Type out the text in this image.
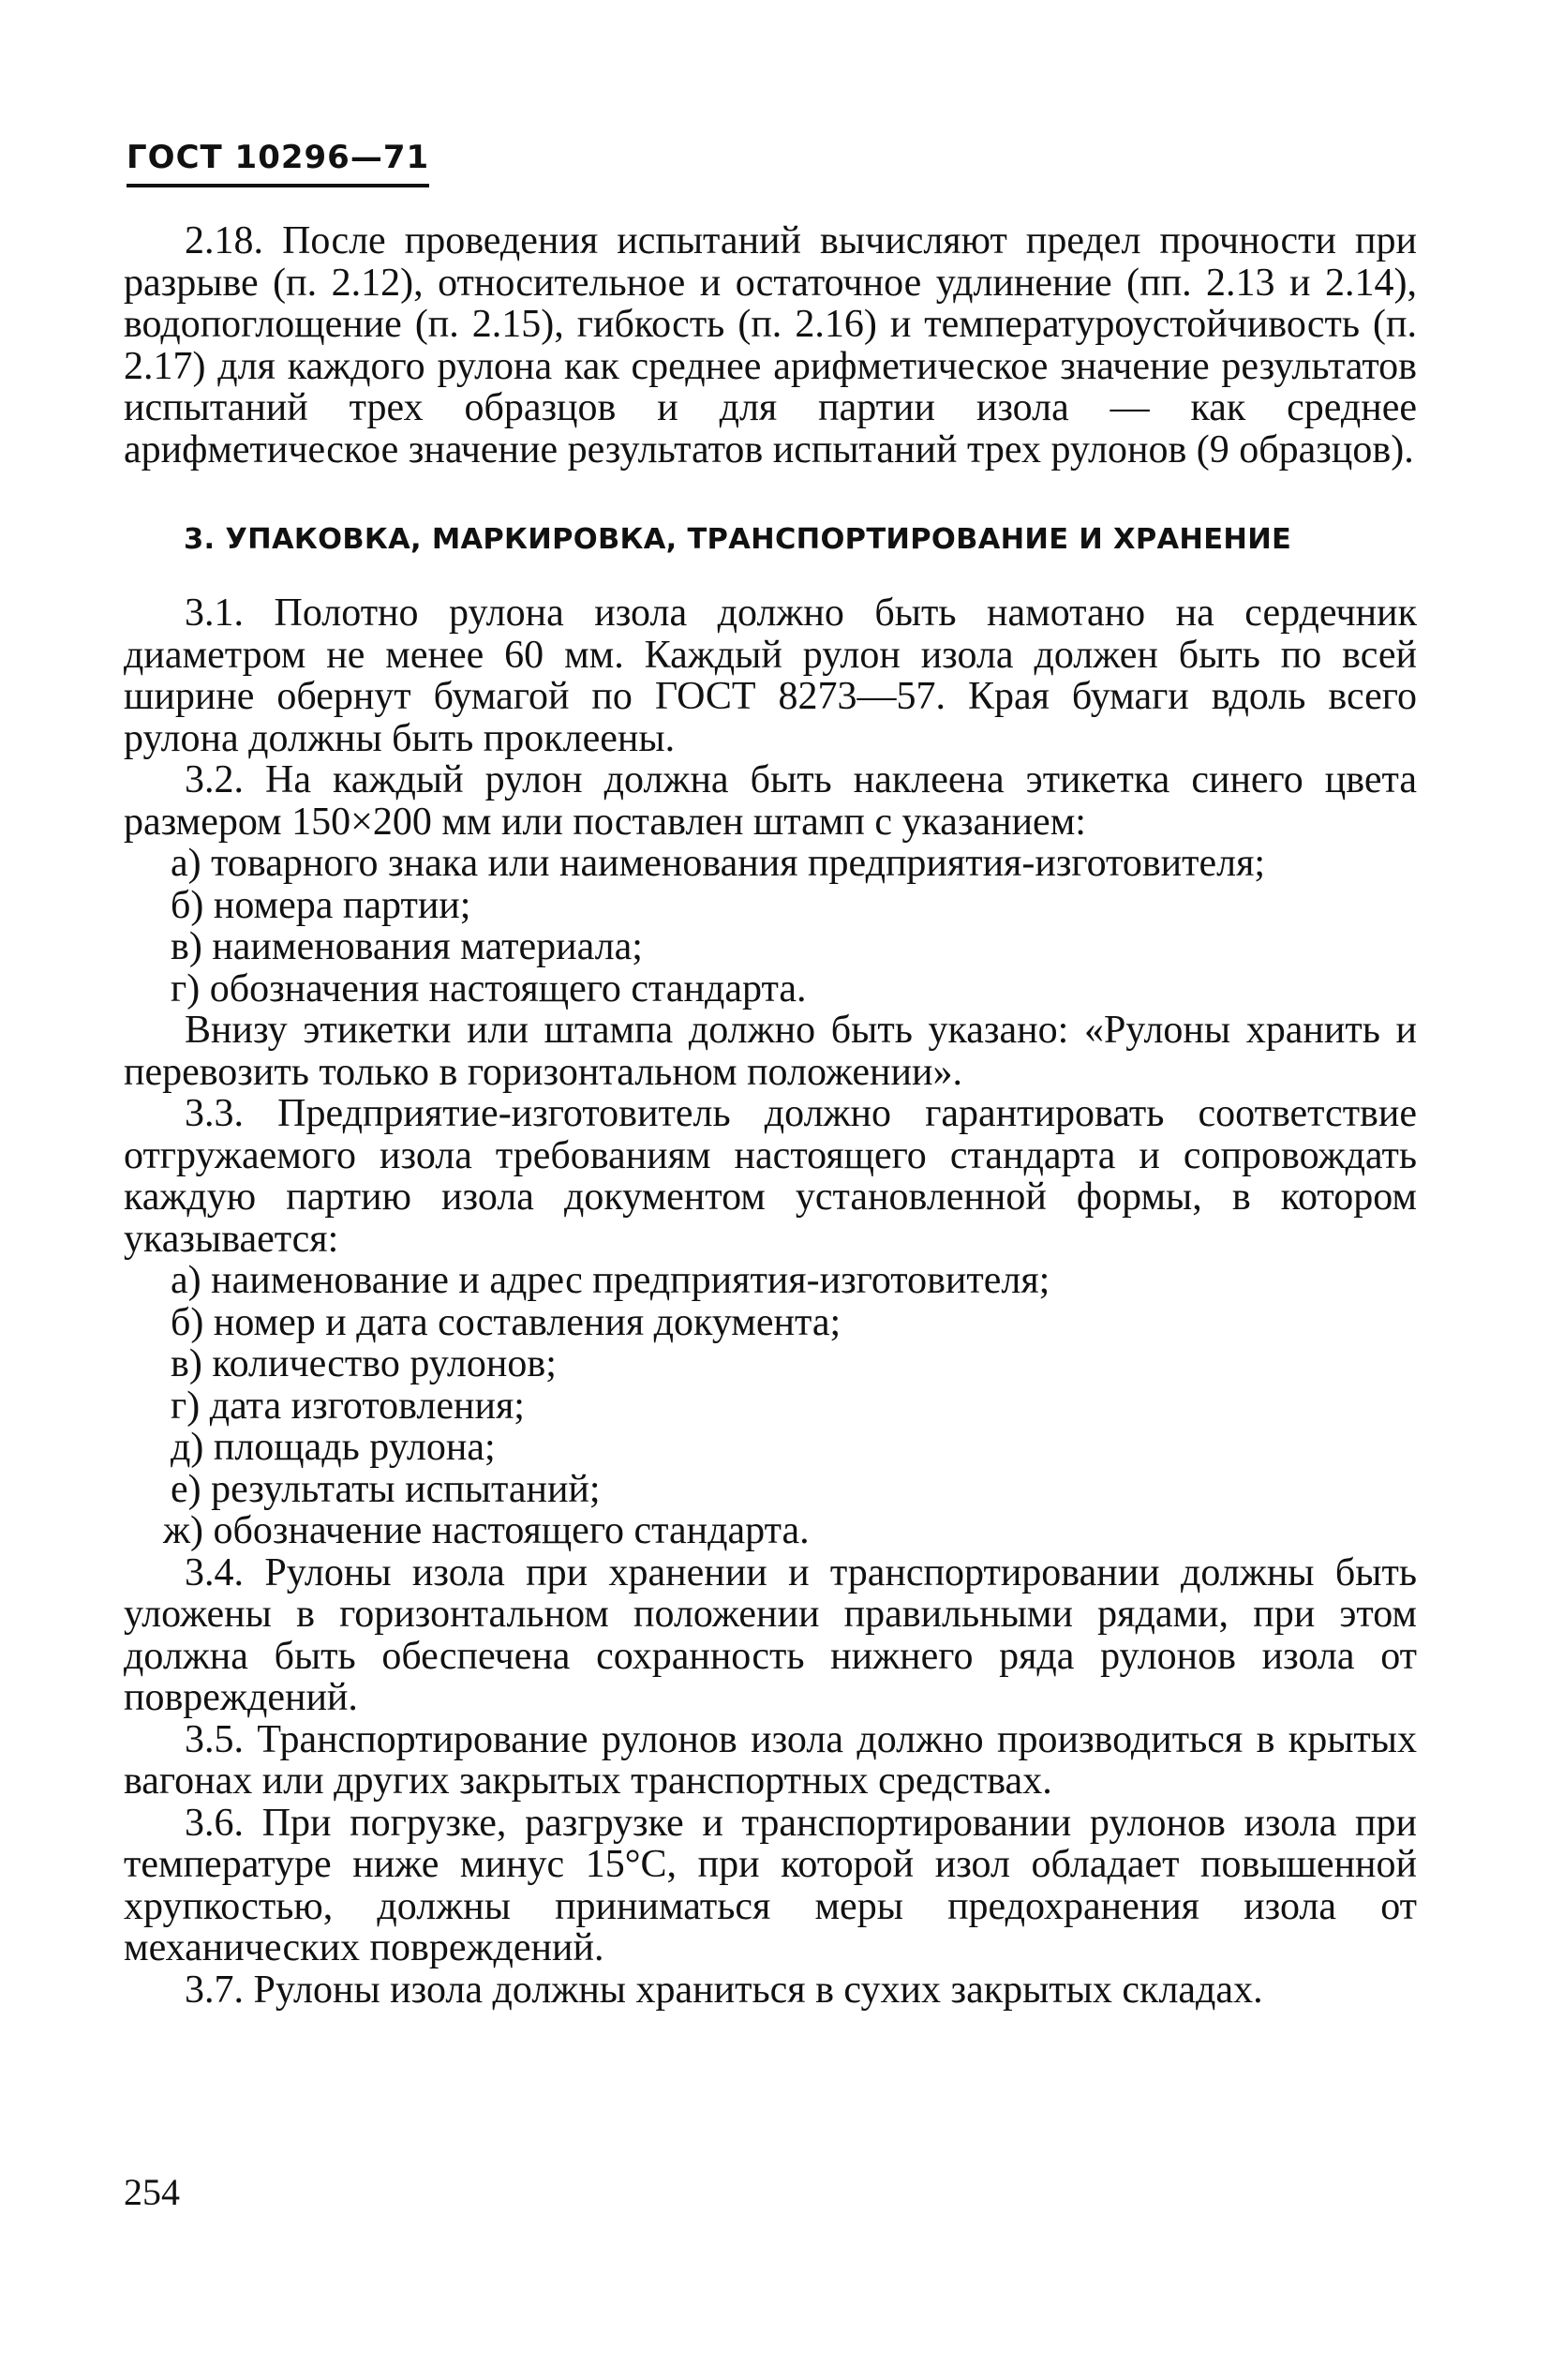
ГОСТ 10296—71

2.18. После проведения испытаний вычисляют предел прочности при разрыве (п. 2.12), относительное и остаточное удлинение (пп. 2.13 и 2.14), водопоглощение (п. 2.15), гибкость (п. 2.16) и температуроустойчивость (п. 2.17) для каждого рулона как среднее арифметическое значение результатов испытаний трех образцов и для партии изола — как среднее арифметическое значение результатов испытаний трех рулонов (9 образцов).

3. УПАКОВКА, МАРКИРОВКА, ТРАНСПОРТИРОВАНИЕ И ХРАНЕНИЕ

3.1. Полотно рулона изола должно быть намотано на сердечник диаметром не менее 60 мм. Каждый рулон изола должен быть по всей ширине обернут бумагой по ГОСТ 8273—57. Края бумаги вдоль всего рулона должны быть проклеены.

3.2. На каждый рулон должна быть наклеена этикетка синего цвета размером 150×200 мм или поставлен штамп с указанием:

а) товарного знака или наименования предприятия-изготовителя;

б) номера партии;

в) наименования материала;

г) обозначения настоящего стандарта.

Внизу этикетки или штампа должно быть указано: «Рулоны хранить и перевозить только в горизонтальном положении».

3.3. Предприятие-изготовитель должно гарантировать соответствие отгружаемого изола требованиям настоящего стандарта и сопровождать каждую партию изола документом установленной формы, в котором указывается:

а) наименование и адрес предприятия-изготовителя;

б) номер и дата составления документа;

в) количество рулонов;

г) дата изготовления;

д) площадь рулона;

е) результаты испытаний;

ж) обозначение настоящего стандарта.

3.4. Рулоны изола при хранении и транспортировании должны быть уложены в горизонтальном положении правильными рядами, при этом должна быть обеспечена сохранность нижнего ряда рулонов изола от повреждений.

3.5. Транспортирование рулонов изола должно производиться в крытых вагонах или других закрытых транспортных средствах.

3.6. При погрузке, разгрузке и транспортировании рулонов изола при температуре ниже минус 15°С, при которой изол обладает повышенной хрупкостью, должны приниматься меры предохранения изола от механических повреждений.

3.7. Рулоны изола должны храниться в сухих закрытых складах.

254
